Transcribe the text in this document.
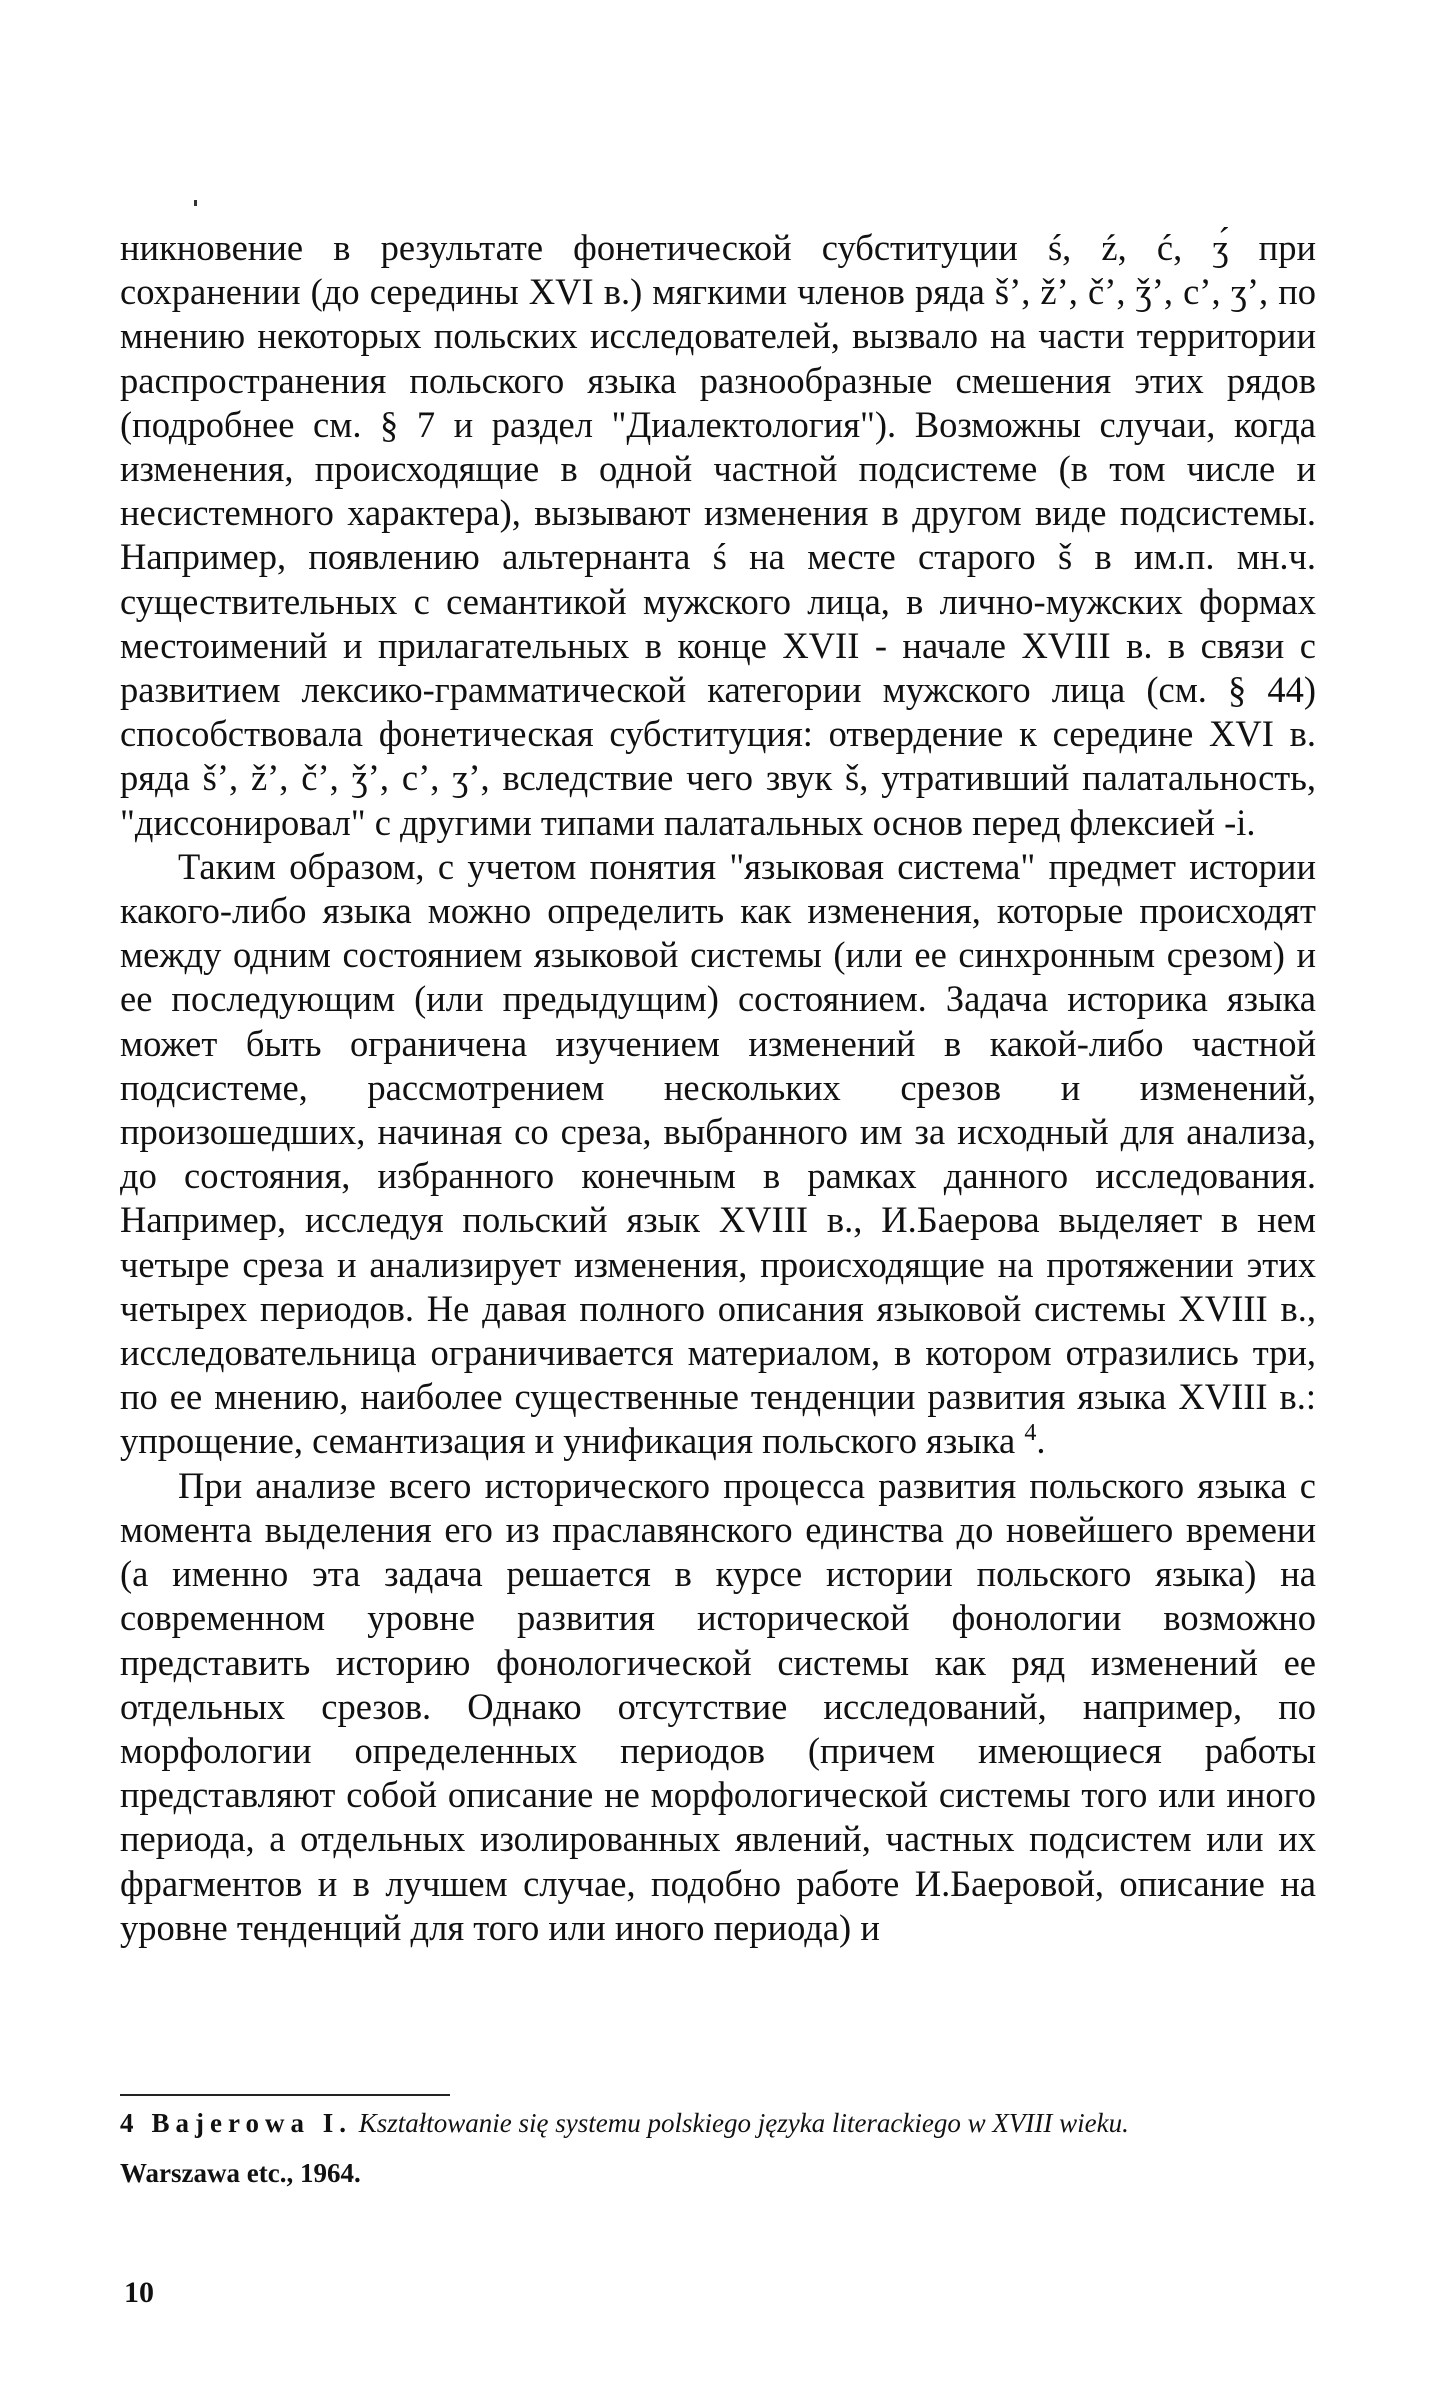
никновение в результате фонетической субституции ś, ź, ć, ʒ́ при сохранении (до середины XVI в.) мягкими членов ряда š’, ž’, č’, ǯ’, c’, ʒ’, по мнению некоторых польских исследователей, вызвало на части территории распространения польского языка разнообразные смешения этих рядов (подробнее см. § 7 и раздел "Диалектология"). Возможны случаи, когда изменения, происходящие в одной частной подсистеме (в том числе и несистемного характера), вызывают изменения в другом виде подсистемы. Например, появлению альтернанта ś на месте старого š в им.п. мн.ч. существительных с семантикой мужского лица, в лично-мужских формах местоимений и прилагательных в конце XVII - начале XVIII в. в связи с развитием лексико-грамматической категории мужского лица (см. § 44) способствовала фонетическая субституция: отвердение к середине XVI в. ряда š’, ž’, č’, ǯ’, c’, ʒ’, вследствие чего звук š, утративший палатальность, "диссонировал" с другими типами палатальных основ перед флексией -i.

Таким образом, с учетом понятия "языковая система" предмет истории какого-либо языка можно определить как изменения, которые происходят между одним состоянием языковой системы (или ее синхронным срезом) и ее последующим (или предыдущим) состоянием. Задача историка языка может быть ограничена изучением изменений в какой-либо частной подсистеме, рассмотрением нескольких срезов и изменений, произошедших, начиная со среза, выбранного им за исходный для анализа, до состояния, избранного конечным в рамках данного исследования. Например, исследуя польский язык XVIII в., И.Баерова выделяет в нем четыре среза и анализирует изменения, происходящие на протяжении этих четырех периодов. Не давая полного описания языковой системы XVIII в., исследовательница ограничивается материалом, в котором отразились три, по ее мнению, наиболее существенные тенденции развития языка XVIII в.: упрощение, семантизация и унификация польского языка $^4$.

При анализе всего исторического процесса развития польского языка с момента выделения его из праславянского единства до новейшего времени (а именно эта задача решается в курсе истории польского языка) на современном уровне развития исторической фонологии возможно представить историю фонологической системы как ряд изменений ее отдельных срезов. Однако отсутствие исследований, например, по морфологии определенных периодов (причем имеющиеся работы представляют собой описание не морфологической системы того или иного периода, а отдельных изолированных явлений, частных подсистем или их фрагментов и в лучшем случае, подобно работе И.Баеровой, описание на уровне тенденций для того или иного периода) и

4 Bajerowa I. Kształtowanie się systemu polskiego języka literackiego w XVIII wieku.
Warszawa etc., 1964.
10
